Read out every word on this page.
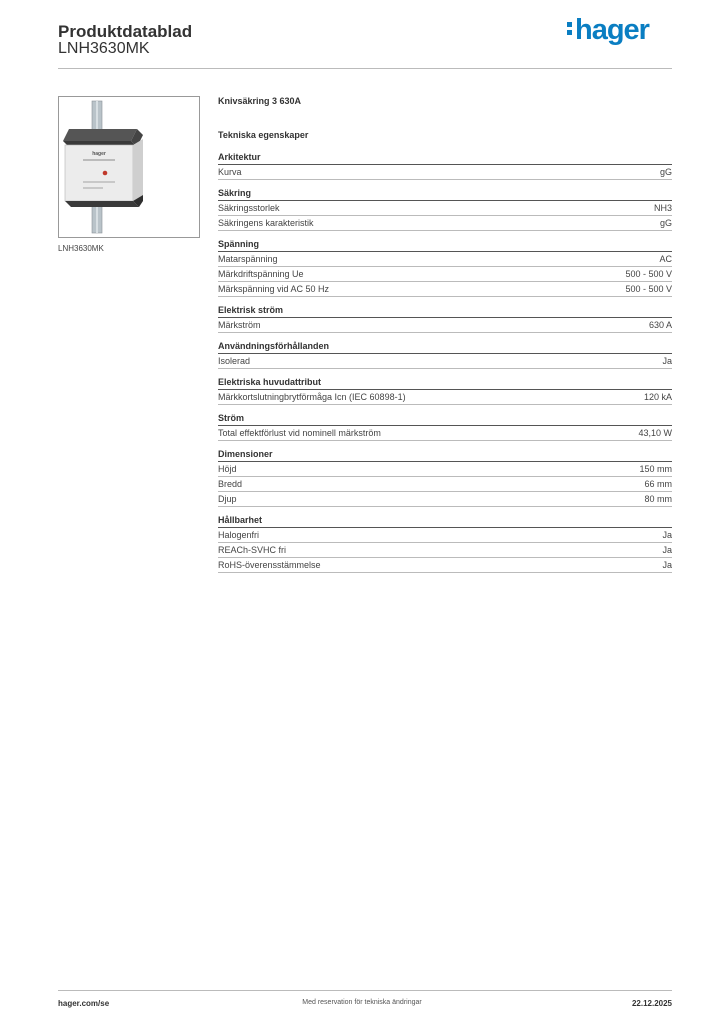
Produktdatablad
LNH3630MK
hager
hager
LNH3630MK
Knivsäkring 3 630A
Tekniska egenskaper
Arkitektur
Kurva	gG
Säkring
Säkringsstorlek	NH3
Säkringens karakteristik	gG
Spänning
Matarspänning	AC
Märkdriftspänning Ue	500 - 500 V
Märkspänning vid AC 50 Hz	500 - 500 V
Elektrisk ström
Märkström	630 A
Användningsförhållanden
Isolerad	Ja
Elektriska huvudattribut
Märkkortslutningbrytförmåga Icn (IEC 60898-1)	120 kA
Ström
Total effektförlust vid nominell märkström	43,10 W
Dimensioner
Höjd	150 mm
Bredd	66 mm
Djup	80 mm
Hållbarhet
Halogenfri	Ja
REACh-SVHC fri	Ja
RoHS-överensstämmelse	Ja
hager.com/se	Med reservation för tekniska ändringar	22.12.2025
